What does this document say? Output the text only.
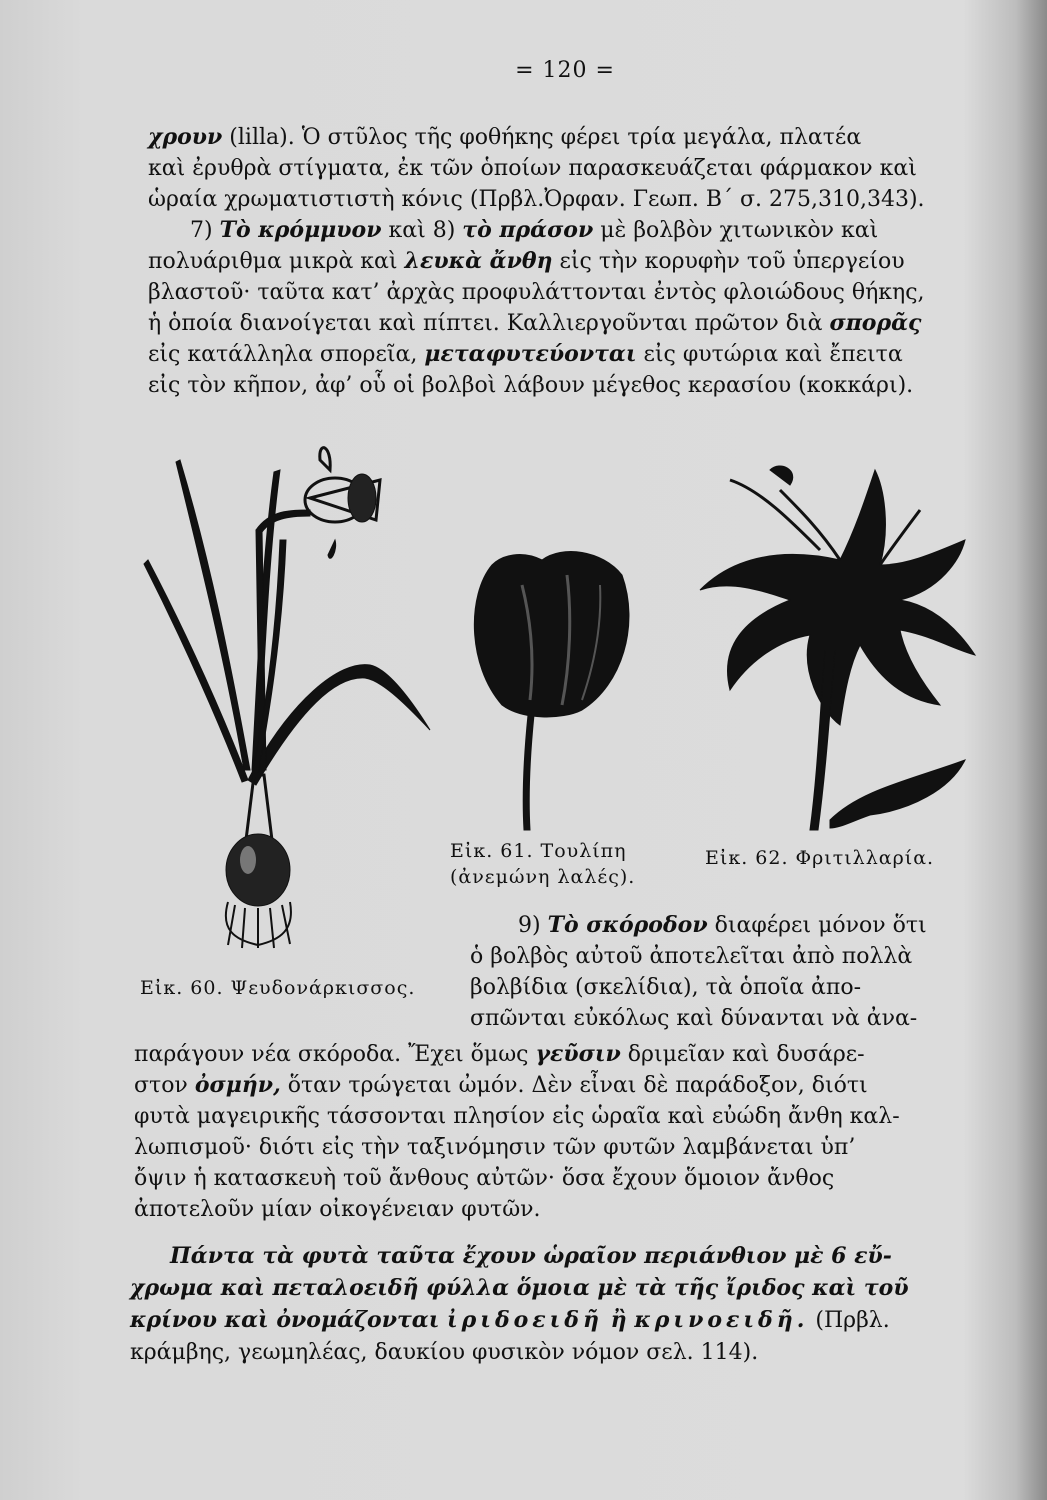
= 120 =
χρουν (lilla). Ὁ στῦλος τῆς φοθήκης φέρει τρία μεγάλα, πλατέα
καὶ ἐρυθρὰ στίγματα, ἐκ τῶν ὁποίων παρασκευάζεται φάρμακον καὶ
ὡραία χρωματιστιστὴ κόνις (Πρβλ.Ὀρφαν. Γεωπ. Β΄ σ. 275,310,343).
7) Τὸ κρόμμυον καὶ 8) τὸ πράσον μὲ βολβὸν χιτωνικὸν καὶ
πολυάριθμα μικρὰ καὶ λευκὰ ἄνθη εἰς τὴν κορυφὴν τοῦ ὑπεργείου
βλαστοῦ· ταῦτα κατ’ ἀρχὰς προφυλάττονται ἐντὸς φλοιώδους θήκης,
ἡ ὁποία διανοίγεται καὶ πίπτει. Καλλιεργοῦνται πρῶτον διὰ σπορᾶς
εἰς κατάλληλα σπορεῖα, μεταφυτεύονται εἰς φυτώρια καὶ ἔπειτα
εἰς τὸν κῆπον, ἀφ’ οὗ οἱ βολβοὶ λάβουν μέγεθος κερασίου (κοκκάρι).
Εἰκ. 61. Τουλίπη
(ἀνεμώνη λαλές).
Εἰκ. 62. Φριτιλλαρία.
Εἰκ. 60. Ψευδονάρκισσος.
9) Τὸ σκόροδον διαφέρει μόνον ὅτι
ὁ βολβὸς αὐτοῦ ἀποτελεῖται ἀπὸ πολλὰ
βολβίδια (σκελίδια), τὰ ὁποῖα ἀπο-
σπῶνται εὐκόλως καὶ δύνανται νὰ ἀνα-
παράγουν νέα σκόροδα. Ἔχει ὅμως γεῦσιν δριμεῖαν καὶ δυσάρε-
στον ὀσμήν, ὅταν τρώγεται ὠμόν. Δὲν εἶναι δὲ παράδοξον, διότι
φυτὰ μαγειρικῆς τάσσονται πλησίον εἰς ὡραῖα καὶ εὐώδη ἄνθη καλ-
λωπισμοῦ· διότι εἰς τὴν ταξινόμησιν τῶν φυτῶν λαμβάνεται ὑπ’
ὄψιν ἡ κατασκευὴ τοῦ ἄνθους αὐτῶν· ὅσα ἔχουν ὅμοιον ἄνθος
ἀποτελοῦν μίαν οἰκογένειαν φυτῶν.
Πάντα τὰ φυτὰ ταῦτα ἔχουν ὡραῖον περιάνθιον μὲ 6 εὔ-
χρωμα καὶ πεταλοειδῆ φύλλα ὅμοια μὲ τὰ τῆς ἴριδος καὶ τοῦ
κρίνου καὶ ὀνομάζονται ἰριδοειδῆ ἢ κρινοειδῆ. (Πρβλ.
κράμβης, γεωμηλέας, δαυκίου φυσικὸν νόμον σελ. 114).
